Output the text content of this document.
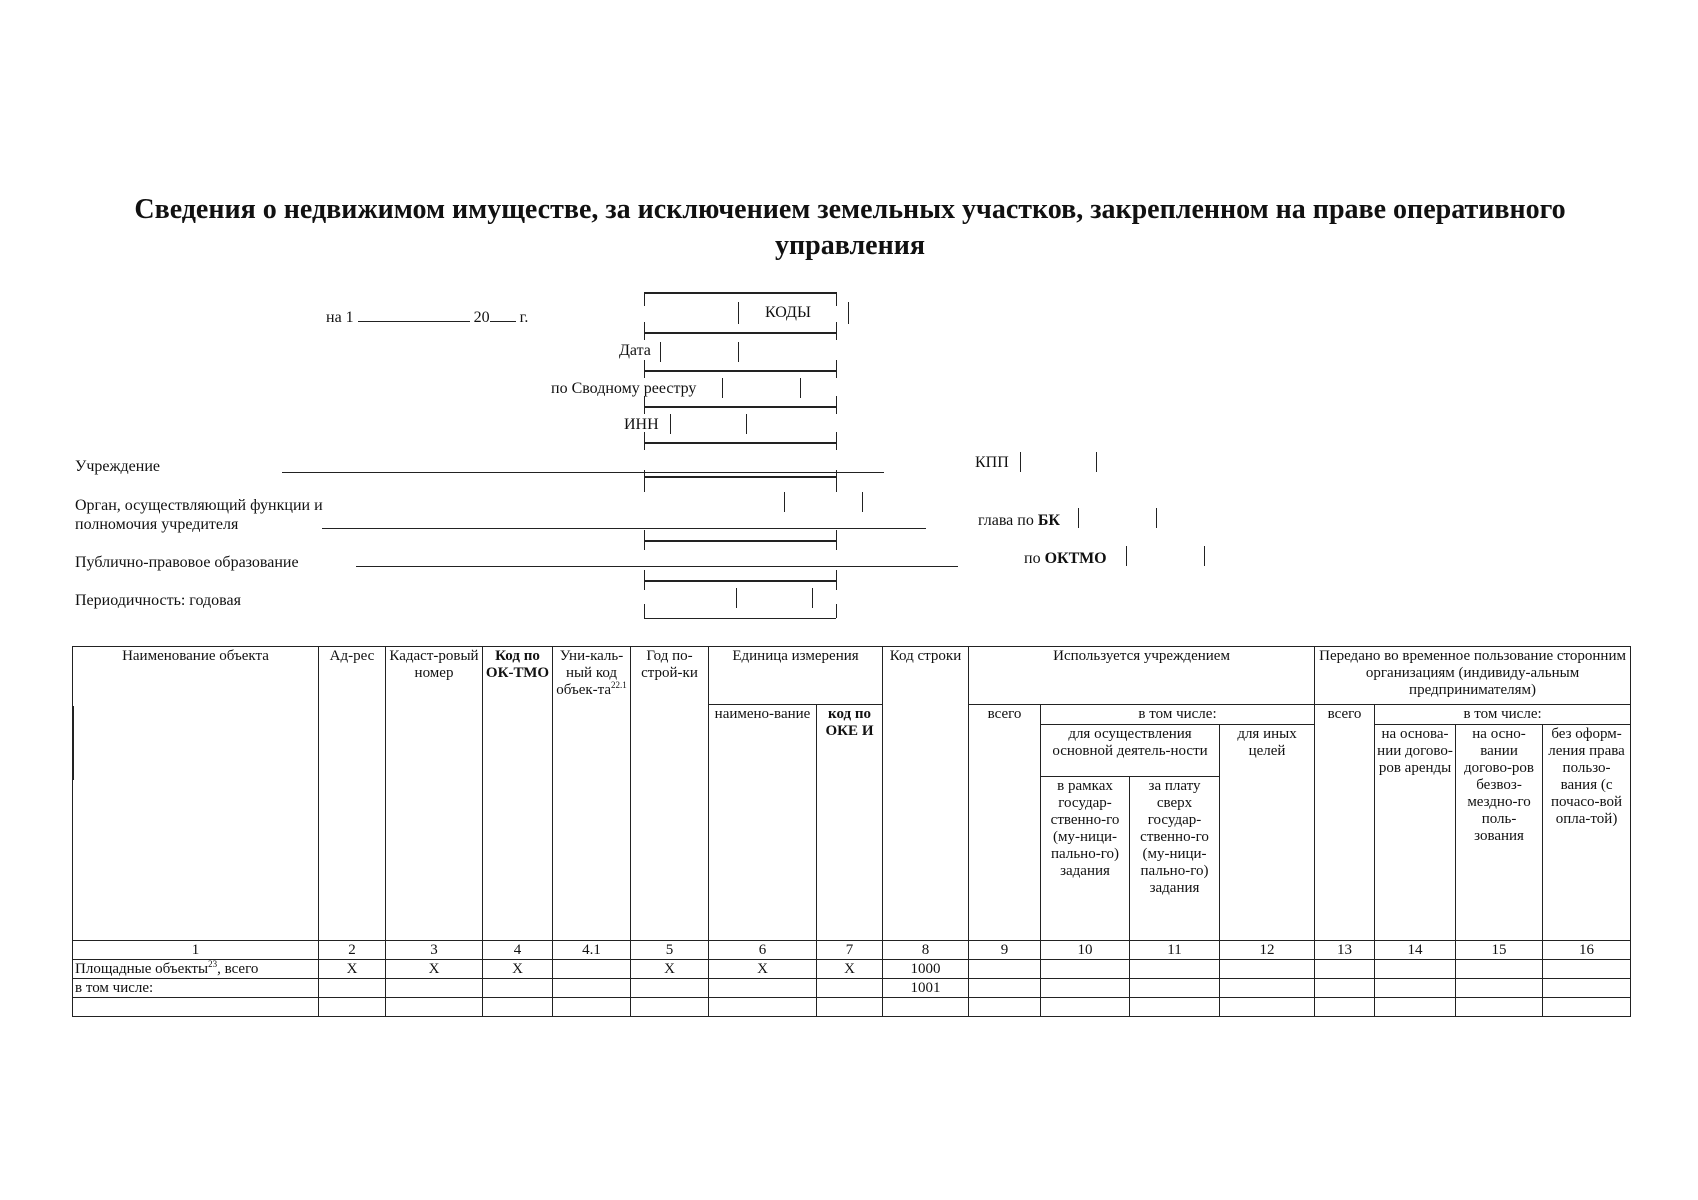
Сведения о недвижимом имуществе, за исключением земельных участков, закрепленном на праве оперативного управления
на 1	20 г.	КОДЫ
Дата
по Сводному реестру
ИНН
КПП
глава по БК
по ОКТМО
Учреждение
Орган, осуществляющий функции и
полномочия учредителя
Публично-правовое образование
Периодичность: годовая
Наименование объекта	Ад-рес	Кадаст-ровый номер	Код по ОК-ТМО	Уни-каль-ный код объек-$та^{22.1}$	Год по-строй-ки	Единица измерения		Код строки	Используется учреждением				Передано во временное пользование сторонним организациям (индивиду-альным предпринимателям)			
						наимено-вание	код по ОКЕ И		всего	в том числе:			всего	в том числе:		
										для осуществления основной деятель-ности		для иных целей		на основа-нии догово-ров аренды	на осно-вании догово-ров безвоз-мездно-го поль-зования	без оформ-ления права пользо-вания (с почасо-вой опла-той)
										в рамках государ-ственно-го (му-ници-пально-го) задания	за плату сверх государ-ственно-го (му-ници-пально-го) задания					
1	2	3	4	4.1	5	6	7	8	9	10	11	12	13	14	15	16
Площадные объекты$^{23}$, всего	X	X	X		X	X	X	1000								
в том числе:								1001								
